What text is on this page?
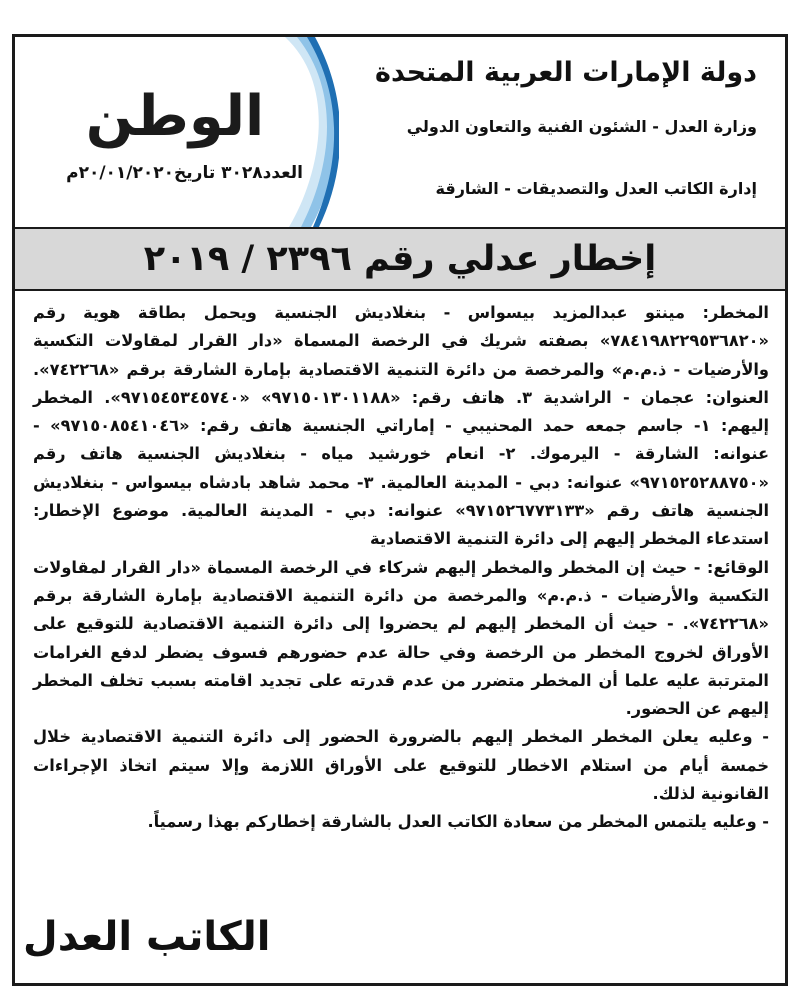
الوطن
العدد٣٠٢٨ تاريخ٢٠/٠١/٢٠٢٠م
دولة الإمارات العربية المتحدة
وزارة العدل - الشئون الفنية والتعاون الدولي
إدارة الكاتب العدل والتصديقات - الشارقة
إخطار عدلي رقم ٢٣٩٦ / ٢٠١٩

المخطر: مينتو عبدالمزيد بيسواس - بنغلاديش الجنسية ويحمل بطاقة هوية رقم «٧٨٤١٩٨٢٢٩٥٣٦٨٢٠» بصفته شريك في الرخصة المسماة «دار القرار لمقاولات التكسية والأرضيات - ذ.م.م» والمرخصة من دائرة التنمية الاقتصادية بإمارة الشارقة برقم «٧٤٢٢٦٨». العنوان: عجمان - الراشدية ٣. هاتف رقم: «٩٧١٥٠١٣٠١١٨٨» «٩٧١٥٤٥٣٤٥٧٤٠». المخطر إليهم: ١- جاسم جمعه حمد المحنيبي - إماراتي الجنسية هاتف رقم: «٩٧١٥٠٨٥٤١٠٤٦» - عنوانه: الشارقة - اليرموك. ٢- انعام خورشيد مياه - بنغلاديش الجنسية هاتف رقم «٩٧١٥٢٥٢٨٨٧٥٠» عنوانه: دبي - المدينة العالمية. ٣- محمد شاهد بادشاه بيسواس - بنغلاديش الجنسية هاتف رقم «٩٧١٥٢٦٧٧٣١٣٣» عنوانه: دبي - المدينة العالمية. موضوع الإخطار: استدعاء المخطر إليهم إلى دائرة التنمية الاقتصادية

الوقائع: - حيث إن المخطر والمخطر إليهم شركاء في الرخصة المسماة «دار القرار لمقاولات التكسية والأرضيات - ذ.م.م» والمرخصة من دائرة التنمية الاقتصادية بإمارة الشارقة برقم «٧٤٢٢٦٨». - حيث أن المخطر إليهم لم يحضروا إلى دائرة التنمية الاقتصادية للتوقيع على الأوراق لخروج المخطر من الرخصة وفي حالة عدم حضورهم فسوف يضطر لدفع الغرامات المترتبة عليه علما أن المخطر متضرر من عدم قدرته على تجديد اقامته بسبب تخلف المخطر إليهم عن الحضور.

- وعليه يعلن المخطر المخطر إليهم بالضرورة الحضور إلى دائرة التنمية الاقتصادية خلال خمسة أيام من استلام الاخطار للتوقيع على الأوراق اللازمة وإلا سيتم اتخاذ الإجراءات القانونية لذلك.

- وعليه يلتمس المخطر من سعادة الكاتب العدل بالشارقة إخطاركم بهذا رسمياً.

الكاتب العدل
